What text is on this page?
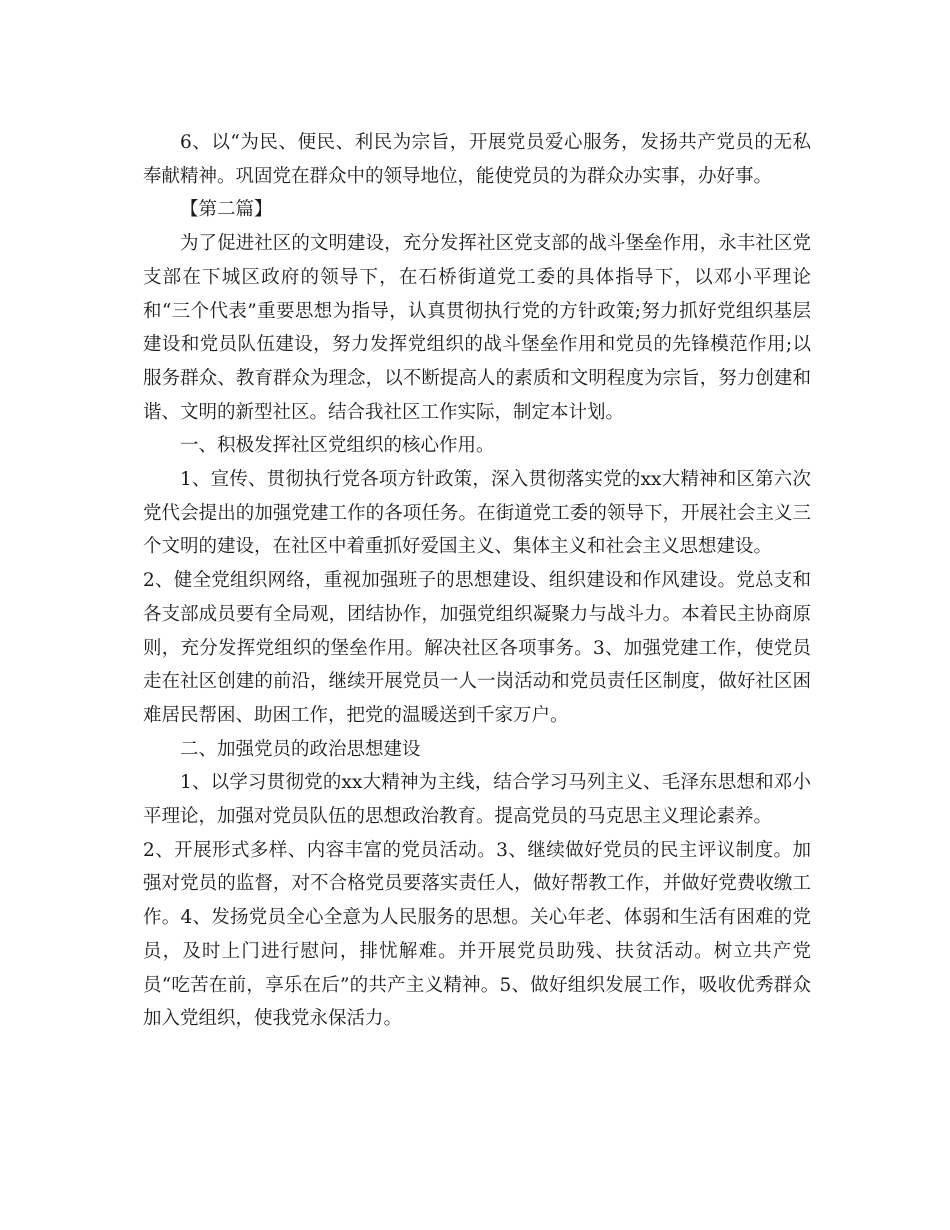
6、以“为民、便民、利民为宗旨，开展党员爱心服务，发扬共产党员的无私奉献精神。巩固党在群众中的领导地位，能使党员的为群众办实事，办好事。

【第二篇】

为了促进社区的文明建设，充分发挥社区党支部的战斗堡垒作用，永丰社区党支部在下城区政府的领导下，在石桥街道党工委的具体指导下，以邓小平理论和“三个代表”重要思想为指导，认真贯彻执行党的方针政策;努力抓好党组织基层建设和党员队伍建设，努力发挥党组织的战斗堡垒作用和党员的先锋模范作用;以服务群众、教育群众为理念，以不断提高人的素质和文明程度为宗旨，努力创建和谐、文明的新型社区。结合我社区工作实际，制定本计划。

一、积极发挥社区党组织的核心作用。

1、宣传、贯彻执行党各项方针政策，深入贯彻落实党的xx大精神和区第六次党代会提出的加强党建工作的各项任务。在街道党工委的领导下，开展社会主义三个文明的建设，在社区中着重抓好爱国主义、集体主义和社会主义思想建设。

2、健全党组织网络，重视加强班子的思想建设、组织建设和作风建设。党总支和各支部成员要有全局观，团结协作，加强党组织凝聚力与战斗力。本着民主协商原则，充分发挥党组织的堡垒作用。解决社区各项事务。3、加强党建工作，使党员走在社区创建的前沿，继续开展党员一人一岗活动和党员责任区制度，做好社区困难居民帮困、助困工作，把党的温暖送到千家万户。

二、加强党员的政治思想建设

1、以学习贯彻党的xx大精神为主线，结合学习马列主义、毛泽东思想和邓小平理论，加强对党员队伍的思想政治教育。提高党员的马克思主义理论素养。

2、开展形式多样、内容丰富的党员活动。3、继续做好党员的民主评议制度。加强对党员的监督，对不合格党员要落实责任人，做好帮教工作，并做好党费收缴工作。4、发扬党员全心全意为人民服务的思想。关心年老、体弱和生活有困难的党员，及时上门进行慰问，排忧解难。并开展党员助残、扶贫活动。树立共产党员“吃苦在前，享乐在后”的共产主义精神。5、做好组织发展工作，吸收优秀群众加入党组织，使我党永保活力。
